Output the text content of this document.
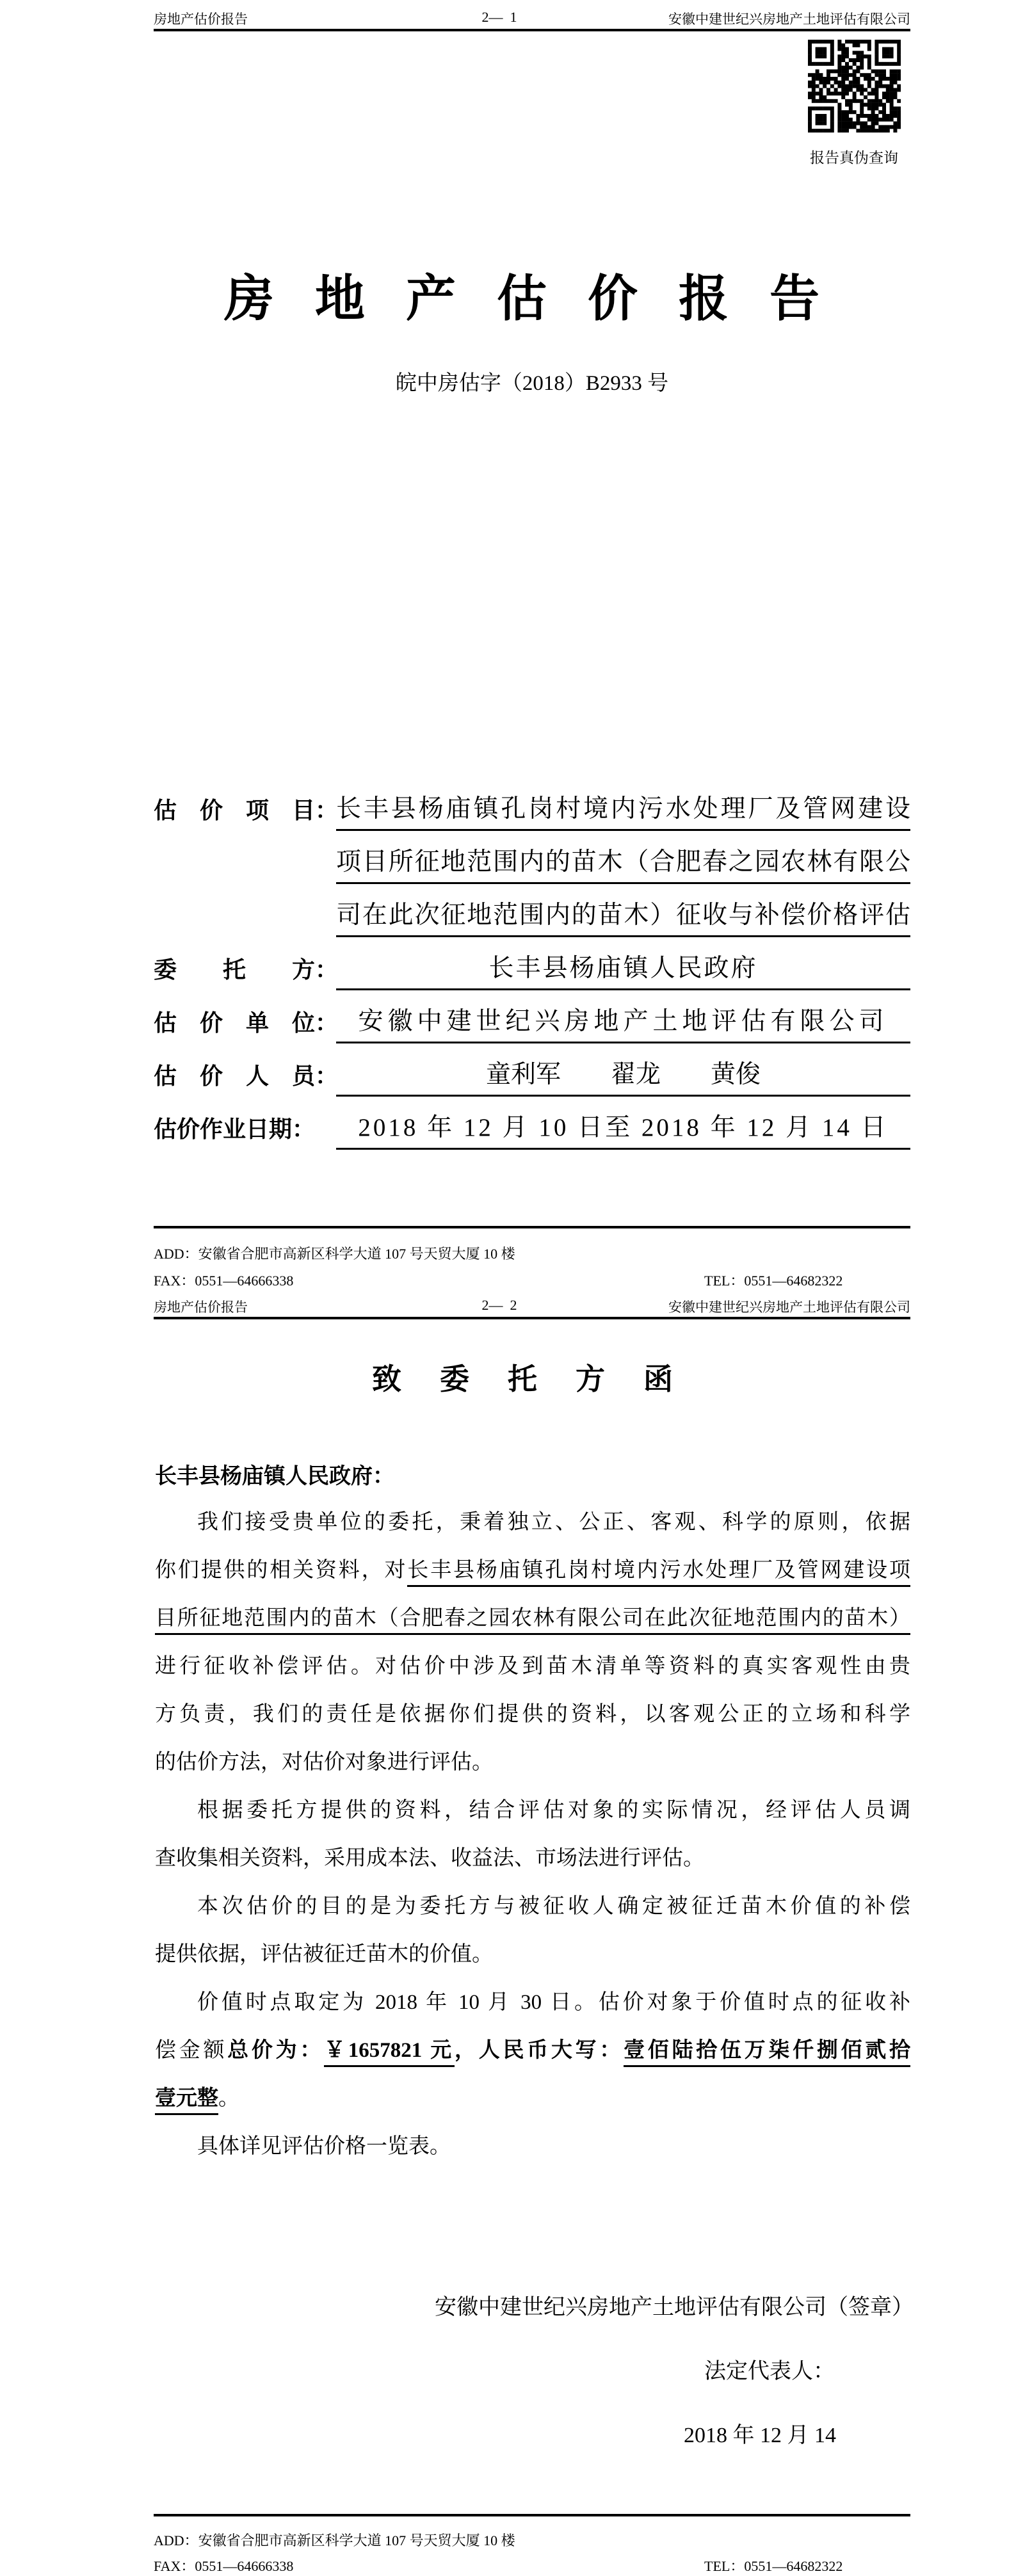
房地产估价报告	2—  1	安徽中建世纪兴房地产土地评估有限公司
报告真伪查询
房地产估价报告
皖中房估字（2018）B2933 号
估　价　项　目：
长丰县杨庙镇孔岗村境内污水处理厂及管网建设
项目所征地范围内的苗木（合肥春之园农林有限公
司在此次征地范围内的苗木）征收与补偿价格评估
委　　托　　方：	长丰县杨庙镇人民政府
估　价　单　位： 安徽中建世纪兴房地产土地评估有限公司
估　价　人　员：	童利军　　翟龙　　黄俊
估价作业日期：	2018 年 12 月 10 日至 2018 年 12 月 14 日
ADD：安徽省合肥市高新区科学大道 107 号天贸大厦 10 楼
FAX：0551—64666338	TEL：0551—64682322
房地产估价报告	2—  2	安徽中建世纪兴房地产土地评估有限公司
致委托方函
长丰县杨庙镇人民政府：
我们接受贵单位的委托，秉着独立、公正、客观、科学的原则，依据
你们提供的相关资料，对长丰县杨庙镇孔岗村境内污水处理厂及管网建设项
目所征地范围内的苗木（合肥春之园农林有限公司在此次征地范围内的苗木）
进行征收补偿评估。对估价中涉及到苗木清单等资料的真实客观性由贵
方负责，我们的责任是依据你们提供的资料，以客观公正的立场和科学
的估价方法，对估价对象进行评估。
根据委托方提供的资料，结合评估对象的实际情况，经评估人员调
查收集相关资料，采用成本法、收益法、市场法进行评估。
本次估价的目的是为委托方与被征收人确定被征迁苗木价值的补偿
提供依据，评估被征迁苗木的价值。
价值时点取定为 2018 年 10 月 30 日。估价对象于价值时点的征收补
偿金额总价为：￥1657821 元，人民币大写：壹佰陆拾伍万柒仟捌佰贰拾
壹元整。
具体详见评估价格一览表。
安徽中建世纪兴房地产土地评估有限公司（签章）
法定代表人：
2018 年 12 月 14
ADD：安徽省合肥市高新区科学大道 107 号天贸大厦 10 楼
FAX：0551—64666338	TEL：0551—64682322
